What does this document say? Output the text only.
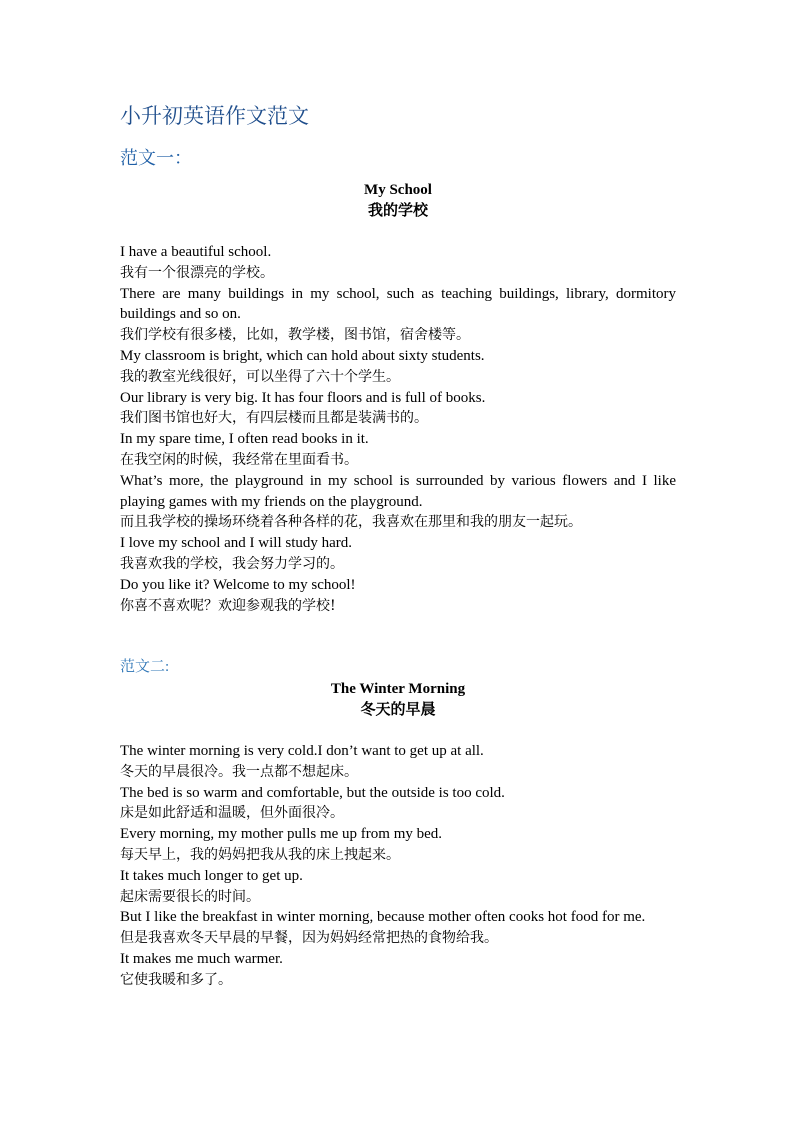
小升初英语作文范文
范文一：
My School
我的学校

I have a beautiful school.

我有一个很漂亮的学校。

There are many buildings in my school, such as teaching buildings, library, dormitory buildings and so on.

我们学校有很多楼，比如，教学楼，图书馆，宿舍楼等。

My classroom is bright, which can hold about sixty students.

我的教室光线很好，可以坐得了六十个学生。

Our library is very big. It has four floors and is full of books.

我们图书馆也好大，有四层楼而且都是装满书的。

In my spare time, I often read books in it.

在我空闲的时候，我经常在里面看书。

What’s more, the playground in my school is surrounded by various flowers and I like playing games with my friends on the playground.

而且我学校的操场环绕着各种各样的花，我喜欢在那里和我的朋友一起玩。

I love my school and I will study hard.

我喜欢我的学校，我会努力学习的。

Do you like it? Welcome to my school!

你喜不喜欢呢？欢迎参观我的学校!

范文二:
The Winter Morning
冬天的早晨

The winter morning is very cold.I don’t want to get up at all.

冬天的早晨很冷。我一点都不想起床。

The bed is so warm and comfortable, but the outside is too cold.

床是如此舒适和温暖，但外面很冷。

Every morning, my mother pulls me up from my bed.

每天早上，我的妈妈把我从我的床上拽起来。

It takes much longer to get up.

起床需要很长的时间。

But I like the breakfast in winter morning, because mother often cooks hot food for me.

但是我喜欢冬天早晨的早餐，因为妈妈经常把热的食物给我。

It makes me much warmer.

它使我暖和多了。
